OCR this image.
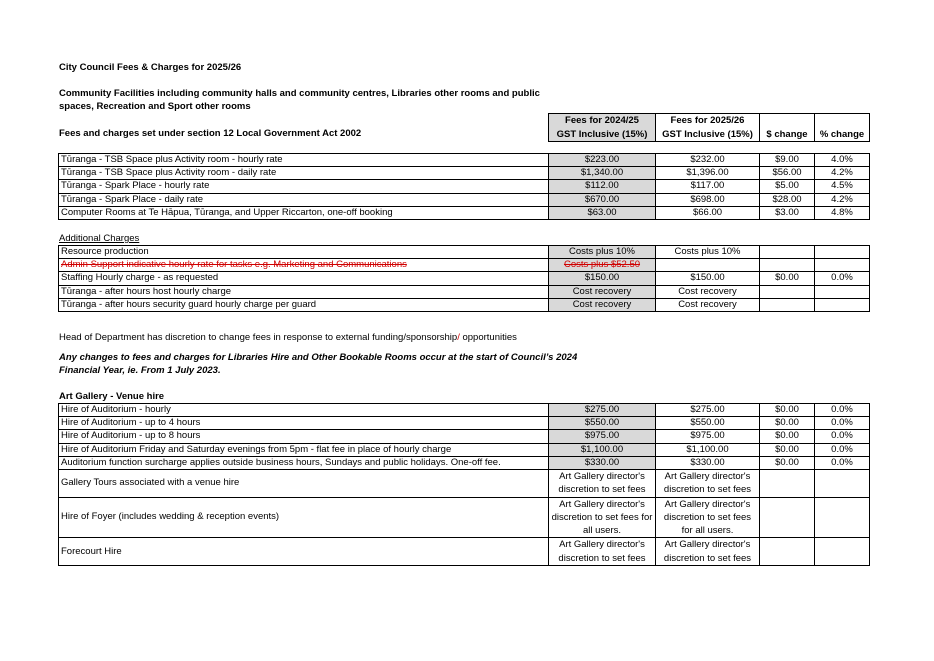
City Council Fees & Charges for 2025/26
Community Facilities including community halls and community centres, Libraries other rooms and public
spaces, Recreation and Sport other rooms
Fees and charges set under section 12 Local Government Act 2002
Fees for 2024/25	Fees for 2025/26		
GST Inclusive (15%)	GST Inclusive (15%)	$ change	% change
Tūranga - TSB Space plus Activity room - hourly rate	$223.00	$232.00	$9.00	4.0%
Tūranga - TSB Space plus Activity room - daily rate	$1,340.00	$1,396.00	$56.00	4.2%
Tūranga - Spark Place - hourly rate	$112.00	$117.00	$5.00	4.5%
Tūranga - Spark Place - daily rate	$670.00	$698.00	$28.00	4.2%
Computer Rooms at Te Hāpua, Tūranga, and Upper Riccarton, one-off booking	$63.00	$66.00	$3.00	4.8%
Additional Charges
Resource production	Costs plus 10%	Costs plus 10%		
Admin Support indicative hourly rate for tasks e.g. Marketing and Communications	Costs plus $52.50			
Staffing Hourly charge - as requested	$150.00	$150.00	$0.00	0.0%
Tūranga - after hours host hourly charge	Cost recovery	Cost recovery		
Tūranga - after hours security guard hourly charge per guard	Cost recovery	Cost recovery		
Head of Department has discretion to change fees in response to external funding/sponsorship/ opportunities
Any changes to fees and charges for Libraries Hire and Other Bookable Rooms occur at the start of Council’s 2024
Financial Year, ie. From 1 July 2023.
Art Gallery - Venue hire
Hire of Auditorium - hourly	$275.00	$275.00	$0.00	0.0%
Hire of Auditorium - up to 4 hours	$550.00	$550.00	$0.00	0.0%
Hire of Auditorium - up to 8 hours	$975.00	$975.00	$0.00	0.0%
Hire of Auditorium Friday and Saturday evenings from 5pm - flat fee in place of hourly charge	$1,100.00	$1,100.00	$0.00	0.0%
Auditorium function surcharge applies outside business hours, Sundays and public holidays. One-off fee.	$330.00	$330.00	$0.00	0.0%
Gallery Tours associated with a venue hire	Art Gallery director's discretion to set fees	Art Gallery director's discretion to set fees		
Hire of Foyer (includes wedding & reception events)	Art Gallery director's discretion to set fees for all users.	Art Gallery director's discretion to set fees for all users.		
Forecourt Hire	Art Gallery director's discretion to set fees	Art Gallery director's discretion to set fees		
